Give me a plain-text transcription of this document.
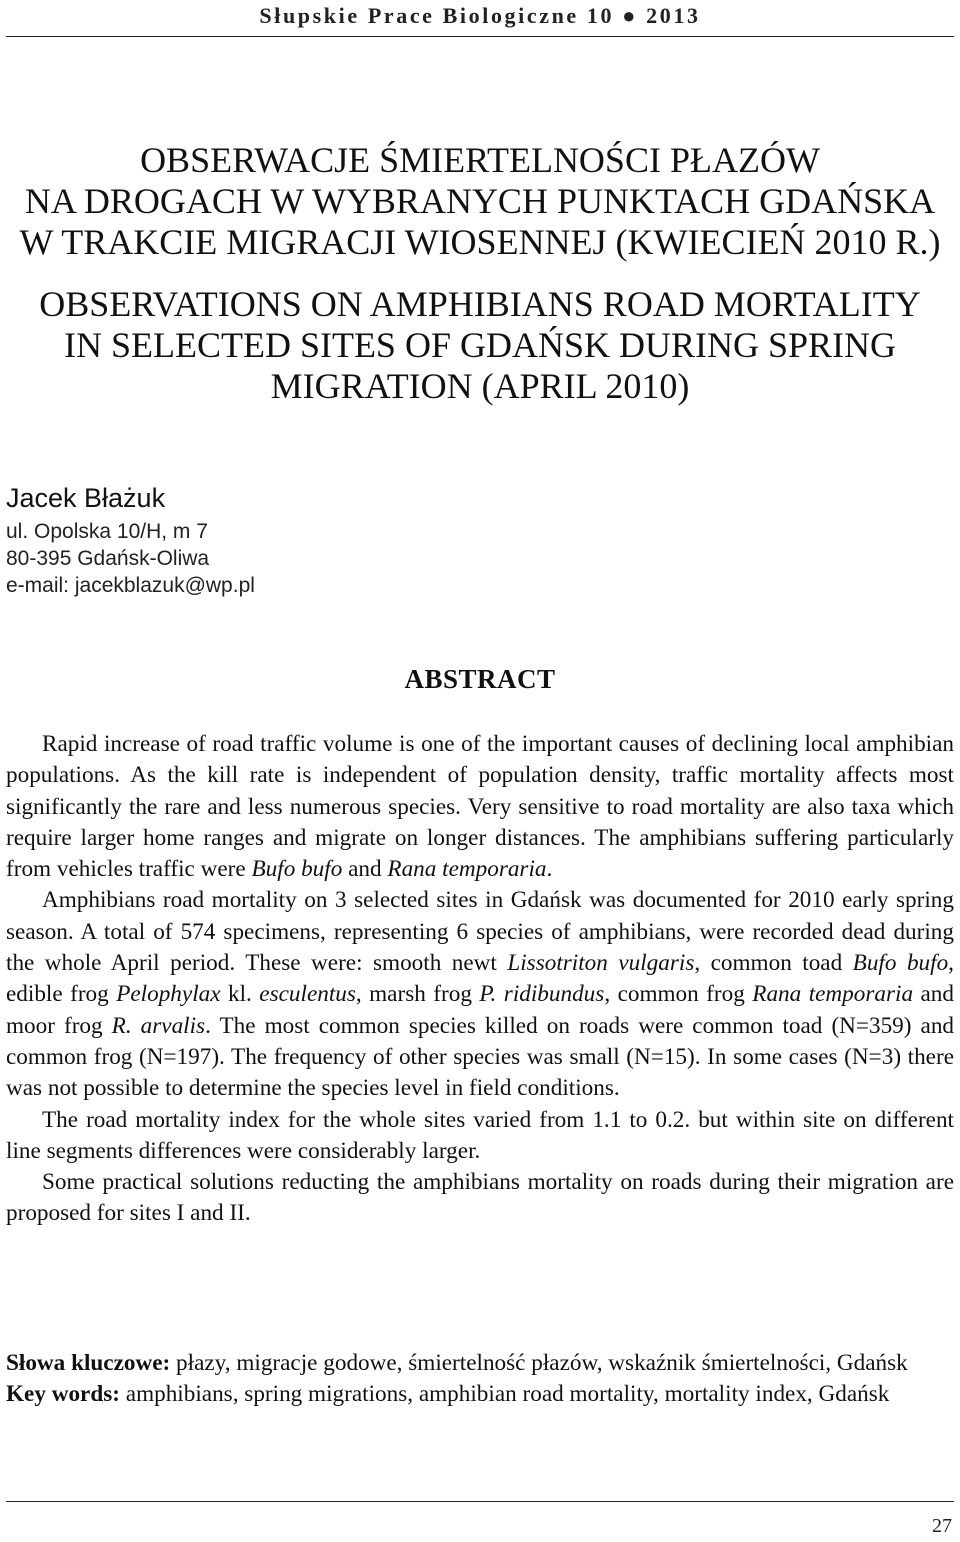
Słupskie Prace Biologiczne 10 ● 2013
OBSERWACJE ŚMIERTELNOŚCI PŁAZÓW
NA DROGACH W WYBRANYCH PUNKTACH GDAŃSKA
W TRAKCIE MIGRACJI WIOSENNEJ (KWIECIEŃ 2010 R.)
OBSERVATIONS ON AMPHIBIANS ROAD MORTALITY
IN SELECTED SITES OF GDAŃSK DURING SPRING
MIGRATION (APRIL 2010)
Jacek Błażuk
ul. Opolska 10/H, m 7
80-395 Gdańsk-Oliwa
e-mail: jacekblazuk@wp.pl
ABSTRACT

Rapid increase of road traffic volume is one of the important causes of declining local amphibian populations. As the kill rate is independent of population density, traffic mortality affects most significantly the rare and less numerous species. Very sensitive to road mortality are also taxa which require larger home ranges and migrate on longer distances. The amphibians suffering particularly from vehicles traffic were Bufo bufo and Rana temporaria.

Amphibians road mortality on 3 selected sites in Gdańsk was documented for 2010 early spring season. A total of 574 specimens, representing 6 species of amphibians, were recorded dead during the whole April period. These were: smooth newt Lissotriton vulgaris, common toad Bufo bufo, edible frog Pelophylax kl. esculentus, marsh frog P. ridibundus, common frog Rana temporaria and moor frog R. arvalis. The most common species killed on roads were common toad (N=359) and common frog (N=197). The frequency of other species was small (N=15). In some cases (N=3) there was not possible to determine the species level in field conditions.

The road mortality index for the whole sites varied from 1.1 to 0.2. but within site on different line segments differences were considerably larger.

Some practical solutions reducting the amphibians mortality on roads during their migration are proposed for sites I and II.

Słowa kluczowe: płazy, migracje godowe, śmiertelność płazów, wskaźnik śmiertelności, Gdańsk

Key words: amphibians, spring migrations, amphibian road mortality, mortality index, Gdańsk

27
